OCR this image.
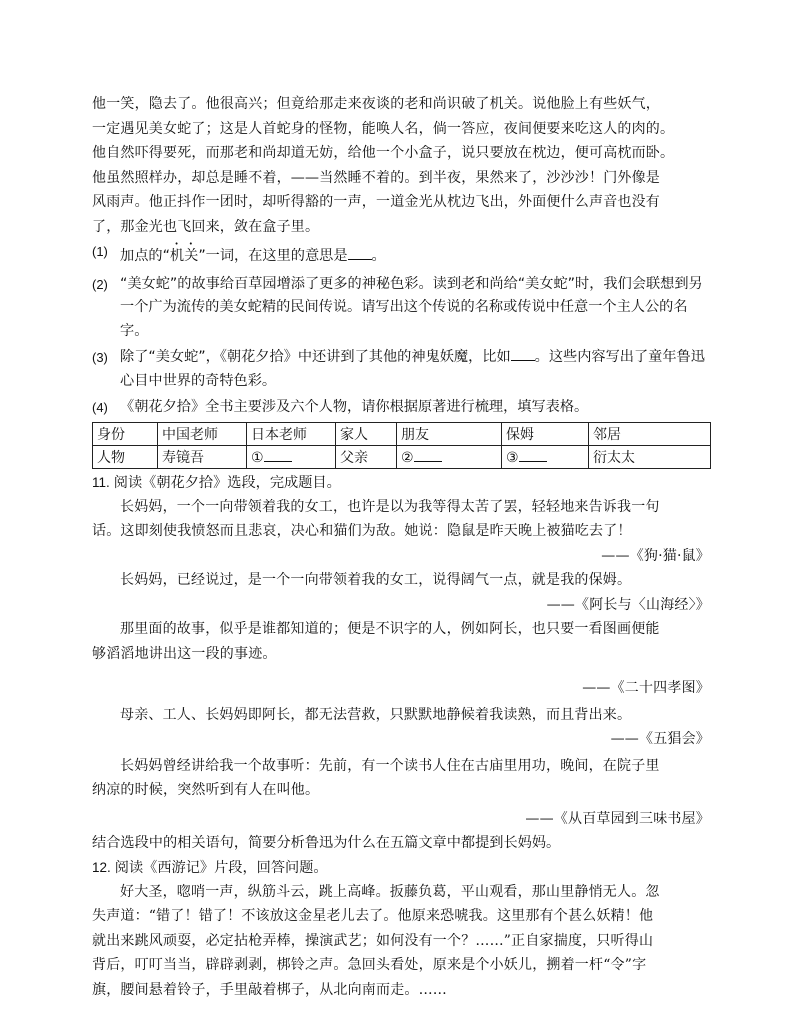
他一笑，隐去了。他很高兴；但竟给那走来夜谈的老和尚识破了机关。说他脸上有些妖气，

一定遇见美女蛇了；这是人首蛇身的怪物，能唤人名，倘一答应，夜间便要来吃这人的肉的。

他自然吓得要死，而那老和尚却道无妨，给他一个小盒子，说只要放在枕边，便可高枕而卧。

他虽然照样办，却总是睡不着，——当然睡不着的。到半夜，果然来了，沙沙沙！门外像是

风雨声。他正抖作一团时，却听得豁的一声，一道金光从枕边飞出，外面便什么声音也没有

了，那金光也飞回来，敛在盒子里。

(1) 加点的“机关”一词，在这里的意思是 。
(2) “美女蛇”的故事给百草园增添了更多的神秘色彩。读到老和尚给“美女蛇”时，我们会联想到另一个广为流传的美女蛇精的民间传说。请写出这个传说的名称或传说中任意一个主人公的名字。
(3) 除了“美女蛇”，《朝花夕拾》中还讲到了其他的神鬼妖魔，比如 。这些内容写出了童年鲁迅心目中世界的奇特色彩。
(4) 《朝花夕拾》全书主要涉及六个人物，请你根据原著进行梳理，填写表格。
身份	中国老师	日本老师	家人	朋友	保姆	邻居
人物	寿镜吾	①	父亲	②	③	衍太太
11. 阅读《朝花夕拾》选段，完成题目。

长妈妈，一个一向带领着我的女工，也许是以为我等得太苦了罢，轻轻地来告诉我一句

话。这即刻使我愤怒而且悲哀，决心和猫们为敌。她说：隐鼠是昨天晚上被猫吃去了！

——《狗·猫·鼠》

长妈妈，已经说过，是一个一向带领着我的女工，说得阔气一点，就是我的保姆。

——《阿长与〈山海经〉》

那里面的故事，似乎是谁都知道的；便是不识字的人，例如阿长，也只要一看图画便能

够滔滔地讲出这一段的事迹。

——《二十四孝图》

母亲、工人、长妈妈即阿长，都无法营救，只默默地静候着我读熟，而且背出来。

——《五猖会》

长妈妈曾经讲给我一个故事听：先前，有一个读书人住在古庙里用功，晚间，在院子里

纳凉的时候，突然听到有人在叫他。

——《从百草园到三味书屋》

结合选段中的相关语句，简要分析鲁迅为什么在五篇文章中都提到长妈妈。

12. 阅读《西游记》片段，回答问题。

好大圣，唿哨一声，纵筋斗云，跳上高峰。扳藤负葛，平山观看，那山里静悄无人。忽

失声道：“错了！错了！不该放这金星老儿去了。他原来恐唬我。这里那有个甚么妖精！他

就出来跳风顽耍，必定拈枪弄棒，操演武艺；如何没有一个？……”正自家揣度，只听得山

背后，叮叮当当，辟辟剥剥，梆铃之声。急回头看处，原来是个小妖儿，搠着一杆“令”字

旗，腰间悬着铃子，手里敲着梆子，从北向南而走。……
